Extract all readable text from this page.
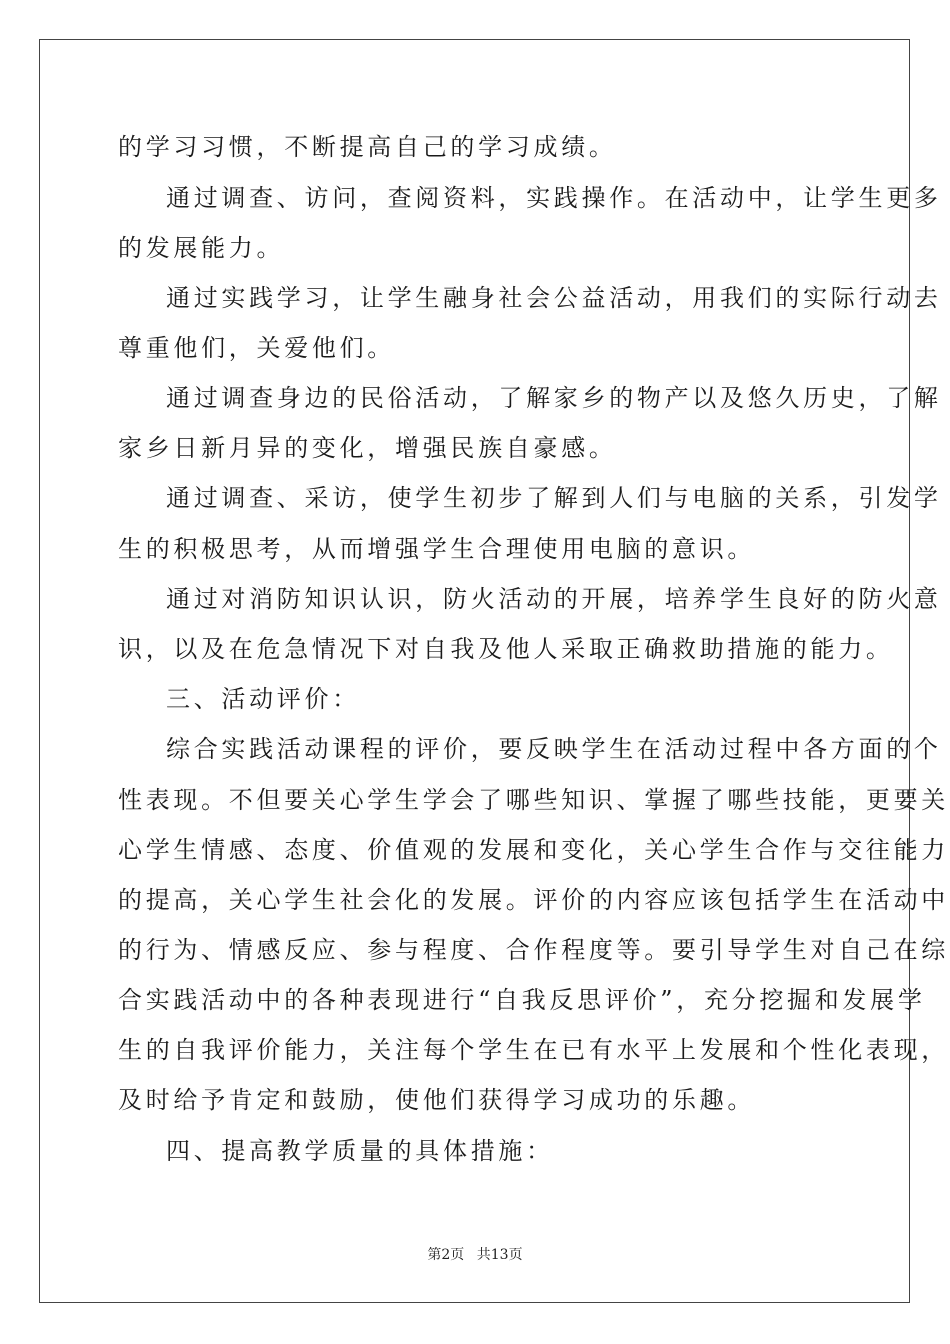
的学习习惯，不断提高自己的学习成绩。

通过调查、访问，查阅资料，实践操作。在活动中，让学生更多

的发展能力。

通过实践学习，让学生融身社会公益活动，用我们的实际行动去

尊重他们，关爱他们。

通过调查身边的民俗活动，了解家乡的物产以及悠久历史，了解

家乡日新月异的变化，增强民族自豪感。

通过调查、采访，使学生初步了解到人们与电脑的关系，引发学

生的积极思考，从而增强学生合理使用电脑的意识。

通过对消防知识认识，防火活动的开展，培养学生良好的防火意

识，以及在危急情况下对自我及他人采取正确救助措施的能力。

三、活动评价：

综合实践活动课程的评价，要反映学生在活动过程中各方面的个

性表现。不但要关心学生学会了哪些知识、掌握了哪些技能，更要关

心学生情感、态度、价值观的发展和变化，关心学生合作与交往能力

的提高，关心学生社会化的发展。评价的内容应该包括学生在活动中

的行为、情感反应、参与程度、合作程度等。要引导学生对自己在综

合实践活动中的各种表现进行“自我反思评价”，充分挖掘和发展学

生的自我评价能力，关注每个学生在已有水平上发展和个性化表现，

及时给予肯定和鼓励，使他们获得学习成功的乐趣。

四、提高教学质量的具体措施：

第2页 共13页
